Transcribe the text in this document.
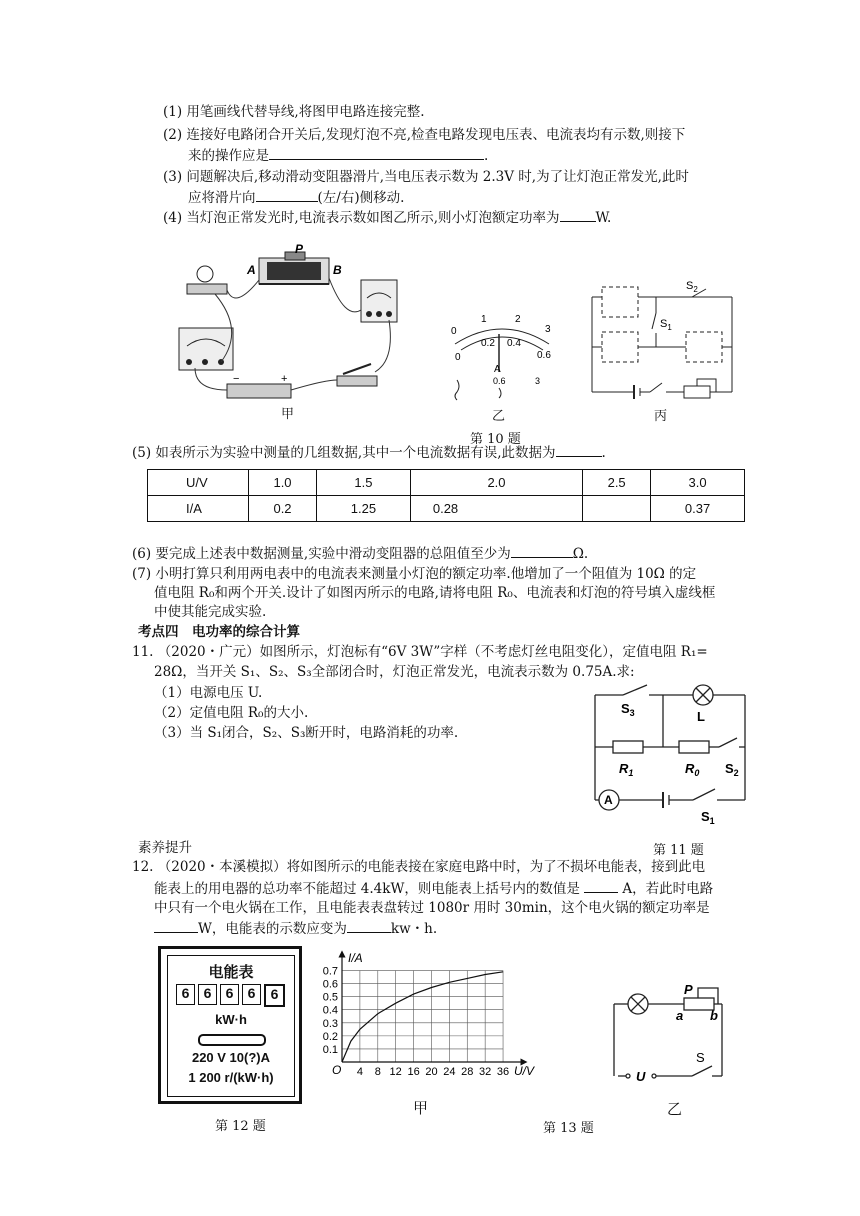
(1) 用笔画线代替导线,将图甲电路连接完整.
(2) 连接好电路闭合开关后,发现灯泡不亮,检查电路发现电压表、电流表均有示数,则接下
来的操作应是	.
(3) 问题解决后,移动滑动变阻器滑片,当电压表示数为 2.3V 时,为了让灯泡正常发光,此时
应将滑片向	(左/右)侧移动.
(4) 当灯泡正常发光时,电流表示数如图乙所示,则小灯泡额定功率为	W.
P
A	B
−	+
甲
0
1	2
3
0
0.2 0.4
0.6
A
0.6	3
乙
$S_2$
$S_1$
丙
第 10 题
(5) 如表所示为实验中测量的几组数据,其中一个电流数据有误,此数据为	.
U/V	1.0	1.5	2.0	2.5	3.0
I/A	0.2	1.25	0.28		0.37
(6) 要完成上述表中数据测量,实验中滑动变阻器的总阻值至少为	Ω.
(7) 小明打算只利用两电表中的电流表来测量小灯泡的额定功率.他增加了一个阻值为 10Ω 的定
值电阻 R₀和两个开关.设计了如图丙所示的电路,请将电阻 R₀、电流表和灯泡的符号填入虚线框
中使其能完成实验.
考点四　电功率的综合计算
11. （2020・广元）如图所示，灯泡标有“6V 3W”字样（不考虑灯丝电阻变化），定值电阻 R₁=
28Ω，当开关 S₁、S₂、S₃全部闭合时，灯泡正常发光，电流表示数为 0.75A.求:
（1）电源电压 U.
（2）定值电阻 R₀的大小.
（3）当 S₁闭合，S₂、S₃断开时，电路消耗的功率.
A
$S_3$	L
$R_1$	$R_0$ $S_2$
$S_1$
素养提升	第 11 题
12. （2020・本溪模拟）将如图所示的电能表接在家庭电路中时，为了不损坏电能表，接到此电
能表上的用电器的总功率不能超过 4.4kW，则电能表上括号内的数值是	A，若此时电路
中只有一个电火锅在工作，且电能表表盘转过 1080r 用时 30min，这个电火锅的额定功率是
W，电能表的示数应变为	kw・h.
电能表
6	6	6	6	6
kW·h
220 V 10(?)A
1 200 r/(kW·h)
第 12 题
I/A
U/V
O 4 8 12 16 20 24 28 32 36
0.1
0.2
0.3
0.4
0.5
0.6
0.7
甲
P
a b
U
S
乙
第 13 题
